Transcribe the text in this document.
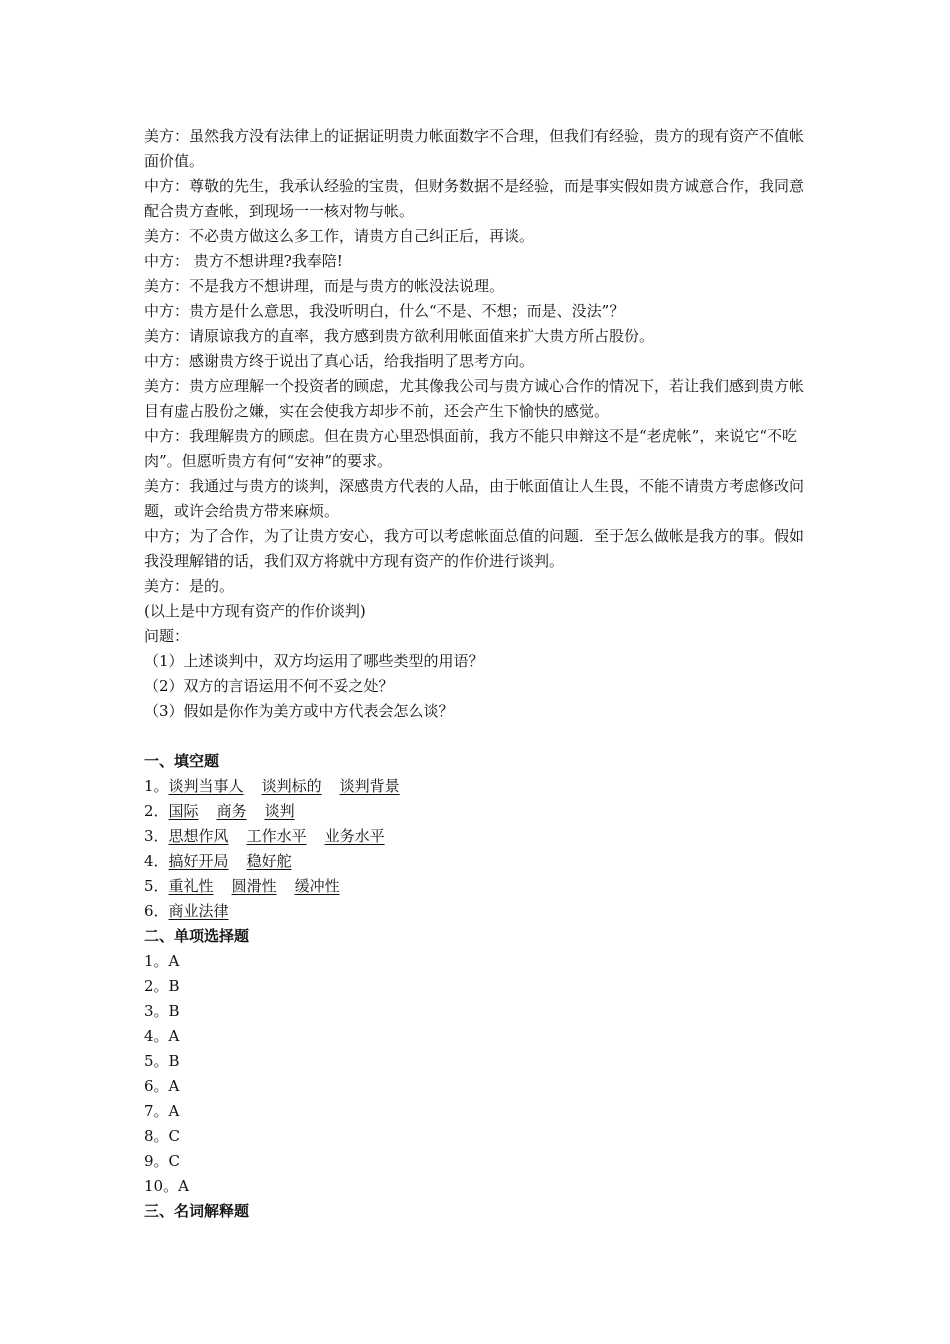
美方：虽然我方没有法律上的证据证明贵力帐面数字不合理，但我们有经验，贵方的现有资产不值帐面价值。

中方：尊敬的先生，我承认经验的宝贵，但财务数据不是经验，而是事实假如贵方诚意合作，我同意配合贵方查帐，到现场一一核对物与帐。

美方：不必贵方做这么多工作，请贵方自己纠正后，再谈。

中方： 贵方不想讲理?我奉陪!

美方：不是我方不想讲理，而是与贵方的帐没法说理。

中方：贵方是什么意思，我没听明白，什么“不是、不想；而是、没法”？

美方：请原谅我方的直率，我方感到贵方欲利用帐面值来扩大贵方所占股份。

中方：感谢贵方终于说出了真心话，给我指明了思考方向。

美方：贵方应理解一个投资者的顾虑，尤其像我公司与贵方诚心合作的情况下，若让我们感到贵方帐目有虚占股份之嫌，实在会使我方却步不前，还会产生下愉快的感觉。

中方：我理解贵方的顾虑。但在贵方心里恐惧面前，我方不能只申辩这不是“老虎帐”，来说它“不吃肉”。但愿听贵方有何“安神”的要求。

美方：我通过与贵方的谈判，深感贵方代表的人品，由于帐面值让人生畏，不能不请贵方考虑修改问题，或许会给贵方带来麻烦。

中方；为了合作，为了让贵方安心，我方可以考虑帐面总值的问题．至于怎么做帐是我方的事。假如我没理解错的话，我们双方将就中方现有资产的作价进行谈判。

美方：是的。

(以上是中方现有资产的作价谈判)

问题：

（1）上述谈判中，双方均运用了哪些类型的用语？

（2）双方的言语运用不何不妥之处？

（3）假如是你作为美方或中方代表会怎么谈？

一、填空题

1。谈判当事人 谈判标的 谈判背景

2．国际 商务 谈判

3．思想作风 工作水平 业务水平

4．搞好开局 稳好舵

5．重礼性 圆滑性 缓冲性

6．商业法律

二、单项选择题

1。A

2。B

3。B

4。A

5。B

6。A

7。A

8。C

9。C

10。A

三、名词解释题
